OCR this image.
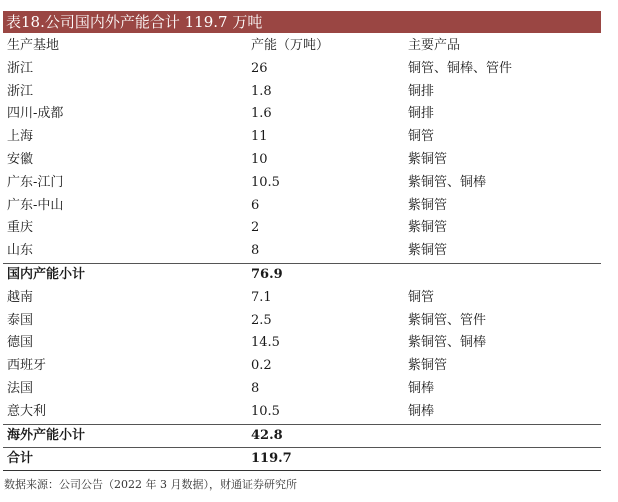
表18.公司国内外产能合计 119.7 万吨
生产基地	产能（万吨）	主要产品
浙江	26	铜管、铜棒、管件
浙江	1.8	铜排
四川-成都	1.6	铜排
上海	11	铜管
安徽	10	紫铜管
广东-江门	10.5	紫铜管、铜棒
广东-中山	6	紫铜管
重庆	2	紫铜管
山东	8	紫铜管
国内产能小计	76.9
越南	7.1	铜管
泰国	2.5	紫铜管、管件
德国	14.5	紫铜管、铜棒
西班牙	0.2	紫铜管
法国	8	铜棒
意大利	10.5	铜棒
海外产能小计	42.8
合计	119.7
数据来源：公司公告（2022 年 3 月数据），财通证券研究所
